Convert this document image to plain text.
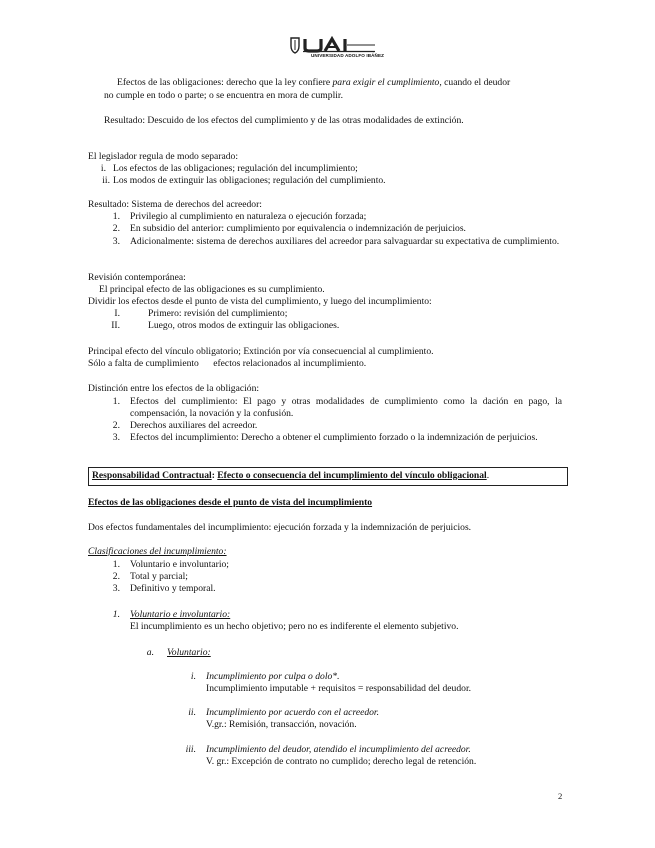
UNIVERSIDAD ADOLFO IBÁÑEZ
Efectos de las obligaciones: derecho que la ley confiere para exigir el cumplimiento, cuando el deudor
no cumple en todo o parte; o se encuentra en mora de cumplir.
Resultado: Descuido de los efectos del cumplimiento y de las otras modalidades de extinción.
El legislador regula de modo separado:
i. Los efectos de las obligaciones; regulación del incumplimiento;
ii. Los modos de extinguir las obligaciones; regulación del cumplimiento.
Resultado: Sistema de derechos del acreedor:
1. Privilegio al cumplimiento en naturaleza o ejecución forzada;
2. En subsidio del anterior: cumplimiento por equivalencia o indemnización de perjuicios.
3. Adicionalmente: sistema de derechos auxiliares del acreedor para salvaguardar su expectativa de cumplimiento.
Revisión contemporánea:
El principal efecto de las obligaciones es su cumplimiento.
Dividir los efectos desde el punto de vista del cumplimiento, y luego del incumplimiento:
I.	Primero: revisión del cumplimiento;
II.	Luego, otros modos de extinguir las obligaciones.
Principal efecto del vínculo obligatorio; Extinción por vía consecuencial al cumplimiento.
Sólo a falta de cumplimiento      efectos relacionados al incumplimiento.
Distinción entre los efectos de la obligación:
1. Efectos del cumplimiento: El pago y otras modalidades de cumplimiento como la dación en pago, la compensación, la novación y la confusión.
2. Derechos auxiliares del acreedor.
3. Efectos del incumplimiento: Derecho a obtener el cumplimiento forzado o la indemnización de perjuicios.
Responsabilidad Contractual: Efecto o consecuencia del incumplimiento del vínculo obligacional.
Efectos de las obligaciones desde el punto de vista del incumplimiento
Dos efectos fundamentales del incumplimiento: ejecución forzada y la indemnización de perjuicios.
Clasificaciones del incumplimiento:
1. Voluntario e involuntario;
2. Total y parcial;
3. Definitivo y temporal.
1. Voluntario e involuntario:
El incumplimiento es un hecho objetivo; pero no es indiferente el elemento subjetivo.
a. Voluntario:
i. Incumplimiento por culpa o dolo*.
Incumplimiento imputable + requisitos = responsabilidad del deudor.
ii. Incumplimiento por acuerdo con el acreedor.
V.gr.: Remisión, transacción, novación.
iii. Incumplimiento del deudor, atendido el incumplimiento del acreedor.
V. gr.: Excepción de contrato no cumplido; derecho legal de retención.
2
